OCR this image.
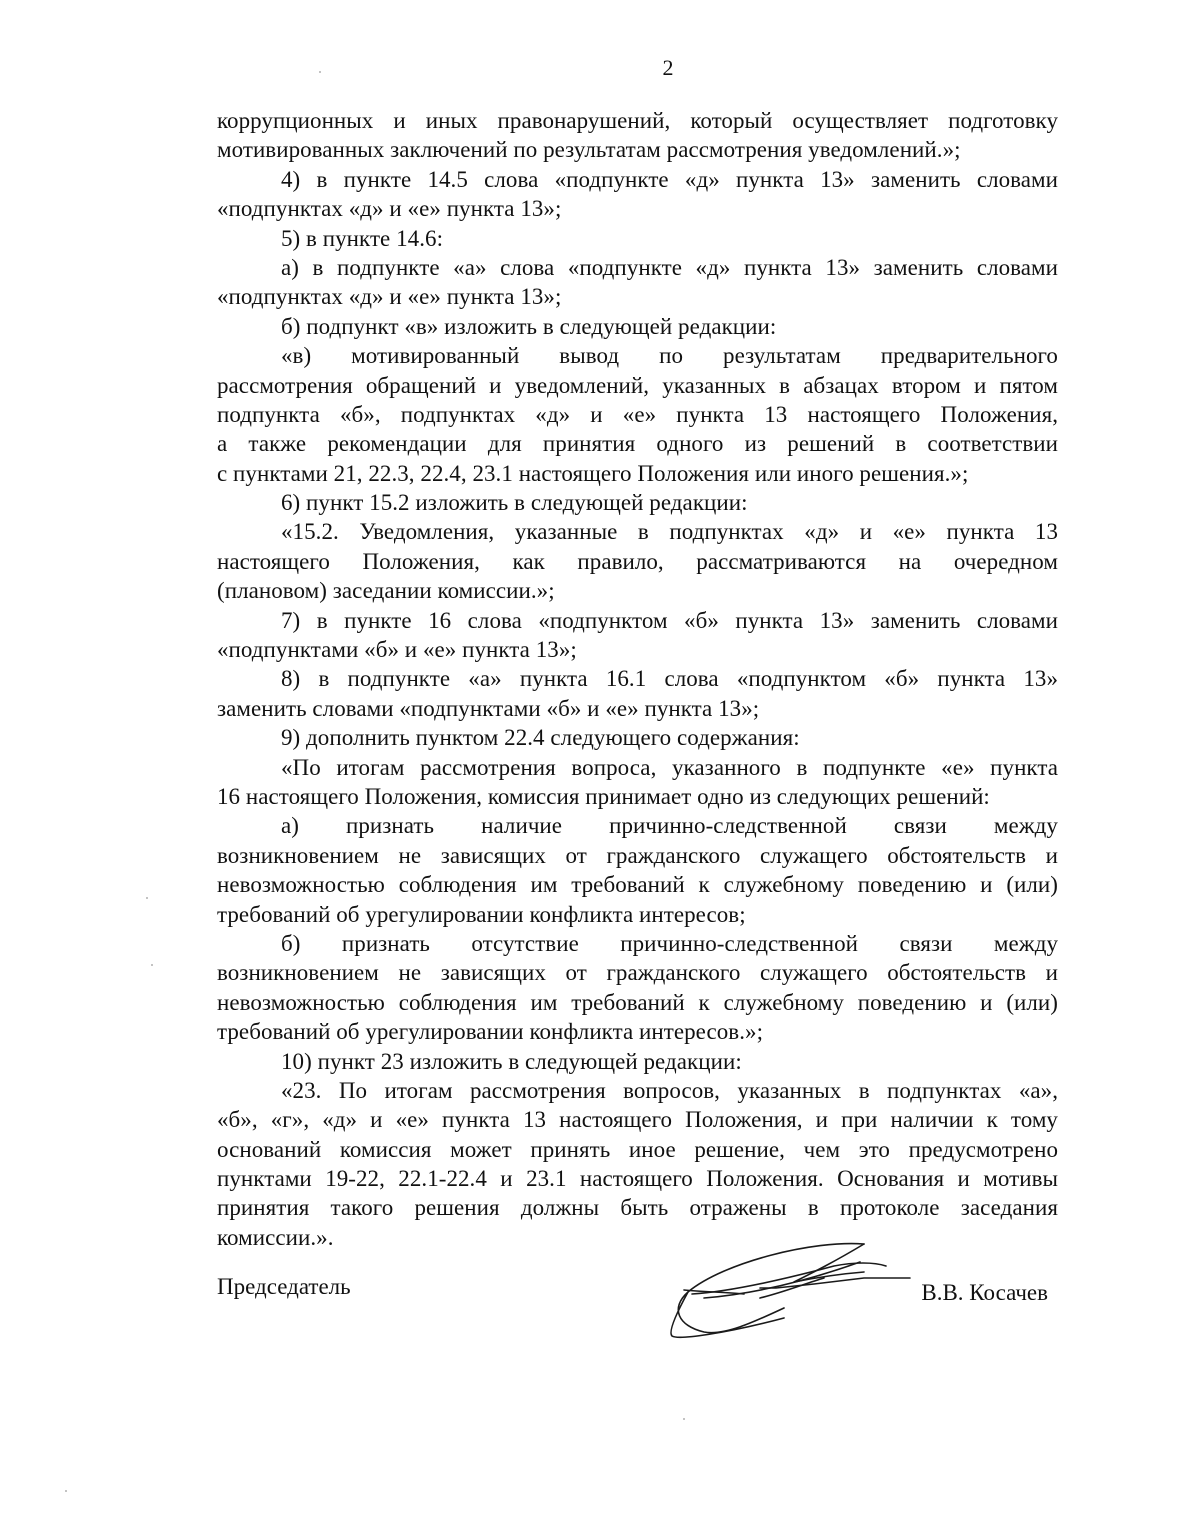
2
коррупционных и иных правонарушений, который осуществляет подготовку
мотивированных заключений по результатам рассмотрения уведомлений.»;
4) в пункте 14.5 слова «подпункте «д» пункта 13» заменить словами
«подпунктах «д» и «е» пункта 13»;
5) в пункте 14.6:
а) в подпункте «а» слова «подпункте «д» пункта 13» заменить словами
«подпунктах «д» и «е» пункта 13»;
б) подпункт «в» изложить в следующей редакции:
«в) мотивированный вывод по результатам предварительного
рассмотрения обращений и уведомлений, указанных в абзацах втором и пятом
подпункта «б», подпунктах «д» и «е» пункта 13 настоящего Положения,
а также рекомендации для принятия одного из решений в соответствии
с пунктами 21, 22.3, 22.4, 23.1 настоящего Положения или иного решения.»;
6) пункт 15.2 изложить в следующей редакции:
«15.2. Уведомления, указанные в подпунктах «д» и «е» пункта 13
настоящего Положения, как правило, рассматриваются на очередном
(плановом) заседании комиссии.»;
7) в пункте 16 слова «подпунктом «б» пункта 13» заменить словами
«подпунктами «б» и «е» пункта 13»;
8) в подпункте «а» пункта 16.1 слова «подпунктом «б» пункта 13»
заменить словами «подпунктами «б» и «е» пункта 13»;
9) дополнить пунктом 22.4 следующего содержания:
«По итогам рассмотрения вопроса, указанного в подпункте «е» пункта
16 настоящего Положения, комиссия принимает одно из следующих решений:
а) признать наличие причинно-следственной связи между
возникновением не зависящих от гражданского служащего обстоятельств и
невозможностью соблюдения им требований к служебному поведению и (или)
требований об урегулировании конфликта интересов;
б) признать отсутствие причинно-следственной связи между
возникновением не зависящих от гражданского служащего обстоятельств и
невозможностью соблюдения им требований к служебному поведению и (или)
требований об урегулировании конфликта интересов.»;
10) пункт 23 изложить в следующей редакции:
«23. По итогам рассмотрения вопросов, указанных в подпунктах «а»,
«б», «г», «д» и «е» пункта 13 настоящего Положения, и при наличии к тому
оснований комиссия может принять иное решение, чем это предусмотрено
пунктами 19-22, 22.1-22.4 и 23.1 настоящего Положения. Основания и мотивы
принятия такого решения должны быть отражены в протоколе заседания
комиссии.».
Председатель	В.В. Косачев
